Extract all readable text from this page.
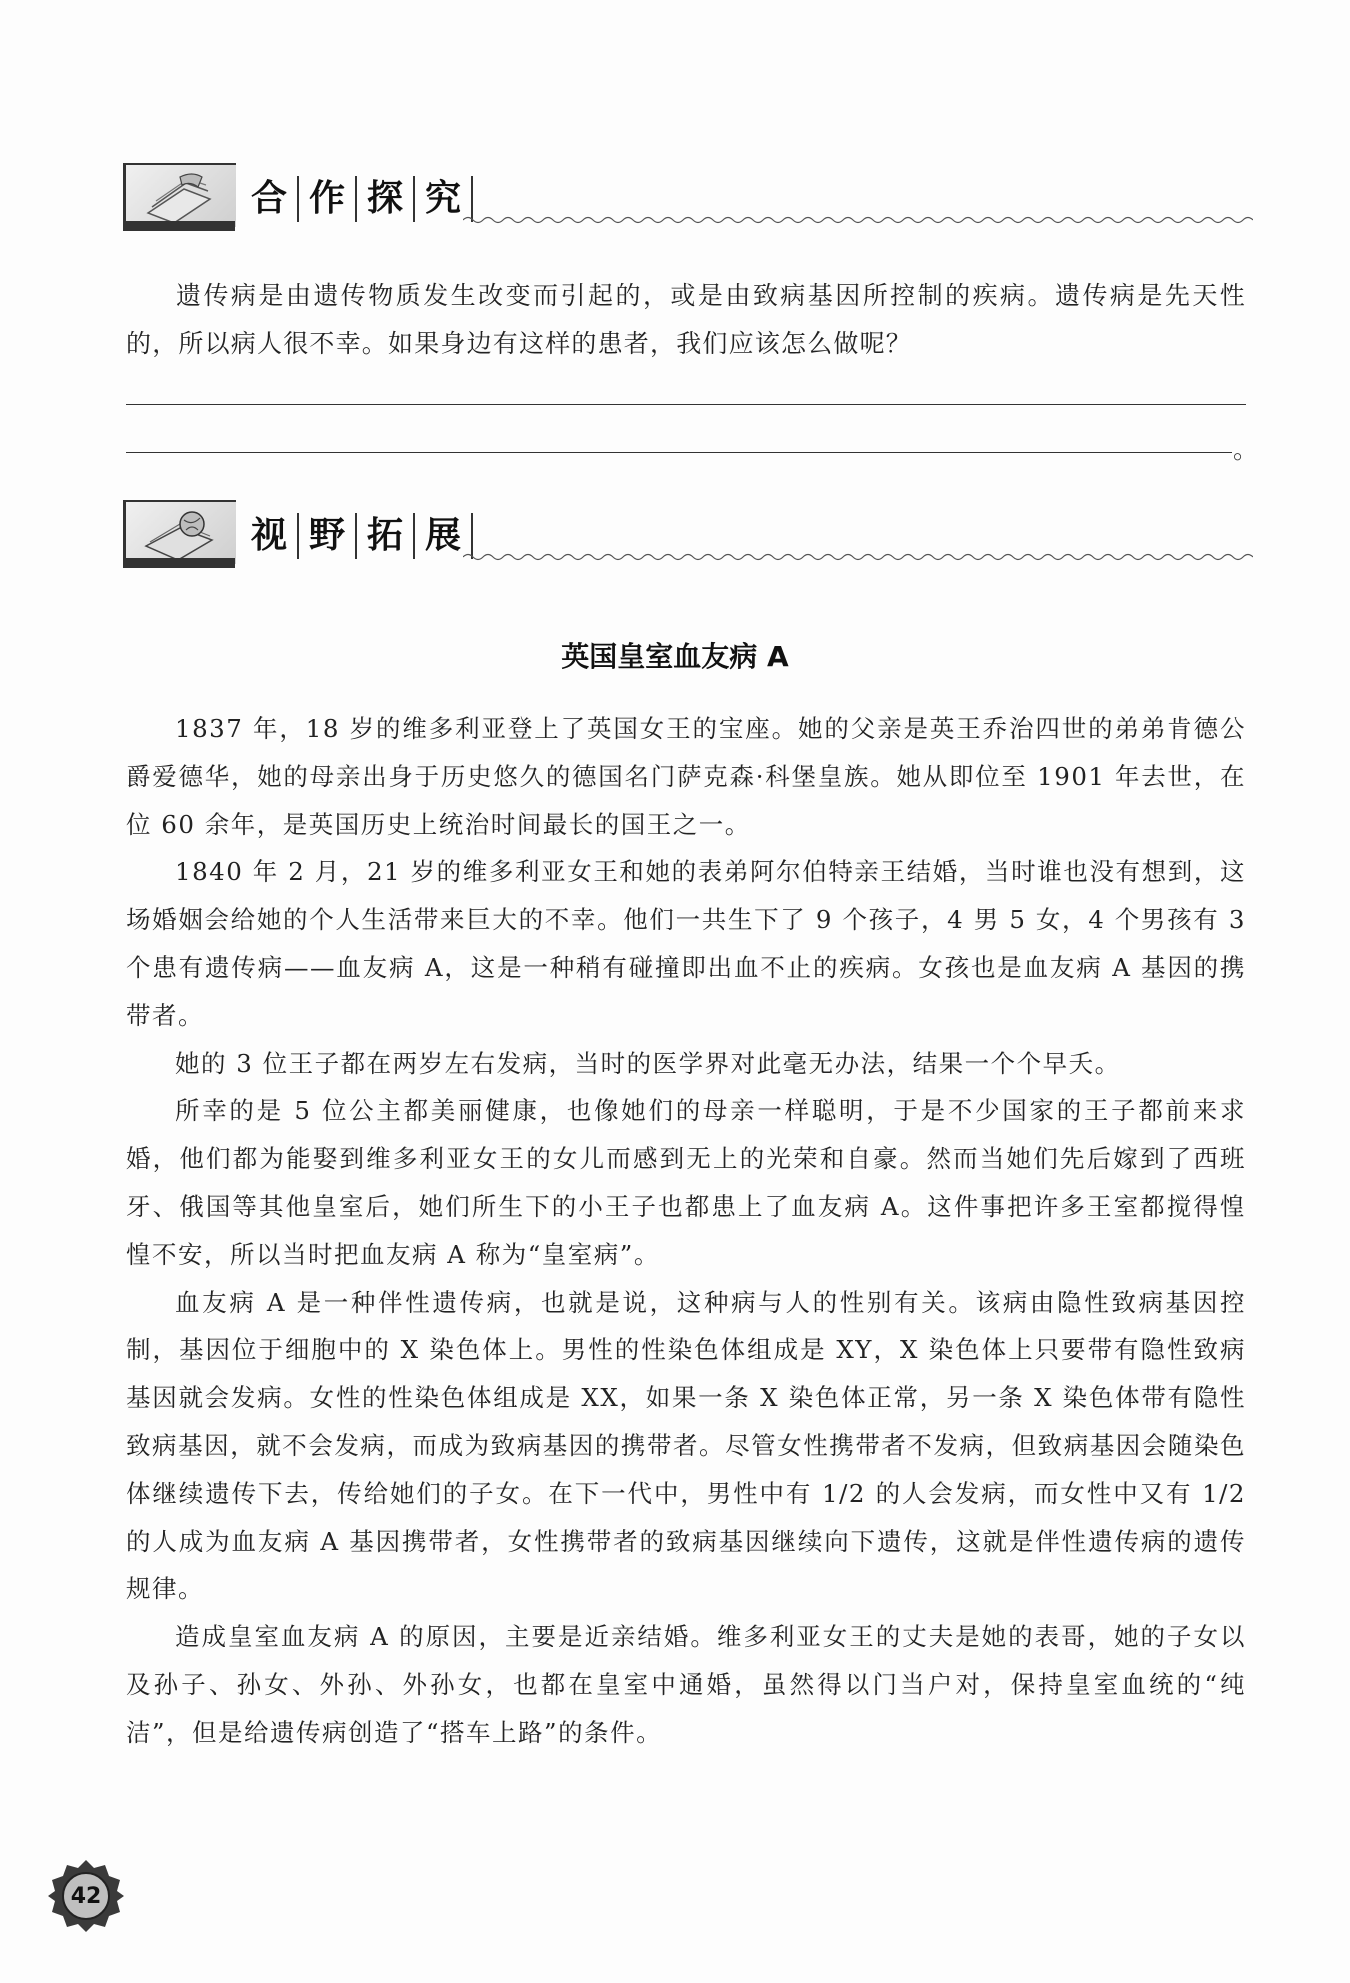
合 作 探 究

遗传病是由遗传物质发生改变而引起的，或是由致病基因所控制的疾病。遗传病是先天性的，所以病人很不幸。如果身边有这样的患者，我们应该怎么做呢？

。
视 野 拓 展
英国皇室血友病 A

1837 年，18 岁的维多利亚登上了英国女王的宝座。她的父亲是英王乔治四世的弟弟肯德公爵爱德华，她的母亲出身于历史悠久的德国名门萨克森·科堡皇族。她从即位至 1901 年去世，在位 60 余年，是英国历史上统治时间最长的国王之一。

1840 年 2 月，21 岁的维多利亚女王和她的表弟阿尔伯特亲王结婚，当时谁也没有想到，这场婚姻会给她的个人生活带来巨大的不幸。他们一共生下了 9 个孩子，4 男 5 女，4 个男孩有 3 个患有遗传病——血友病 A，这是一种稍有碰撞即出血不止的疾病。女孩也是血友病 A 基因的携带者。

她的 3 位王子都在两岁左右发病，当时的医学界对此毫无办法，结果一个个早夭。

所幸的是 5 位公主都美丽健康，也像她们的母亲一样聪明，于是不少国家的王子都前来求婚，他们都为能娶到维多利亚女王的女儿而感到无上的光荣和自豪。然而当她们先后嫁到了西班牙、俄国等其他皇室后，她们所生下的小王子也都患上了血友病 A。这件事把许多王室都搅得惶惶不安，所以当时把血友病 A 称为“皇室病”。

血友病 A 是一种伴性遗传病，也就是说，这种病与人的性别有关。该病由隐性致病基因控制，基因位于细胞中的 X 染色体上。男性的性染色体组成是 XY，X 染色体上只要带有隐性致病基因就会发病。女性的性染色体组成是 XX，如果一条 X 染色体正常，另一条 X 染色体带有隐性致病基因，就不会发病，而成为致病基因的携带者。尽管女性携带者不发病，但致病基因会随染色体继续遗传下去，传给她们的子女。在下一代中，男性中有 1/2 的人会发病，而女性中又有 1/2 的人成为血友病 A 基因携带者，女性携带者的致病基因继续向下遗传，这就是伴性遗传病的遗传规律。

造成皇室血友病 A 的原因，主要是近亲结婚。维多利亚女王的丈夫是她的表哥，她的子女以及孙子、孙女、外孙、外孙女，也都在皇室中通婚，虽然得以门当户对，保持皇室血统的“纯洁”，但是给遗传病创造了“搭车上路”的条件。

42
